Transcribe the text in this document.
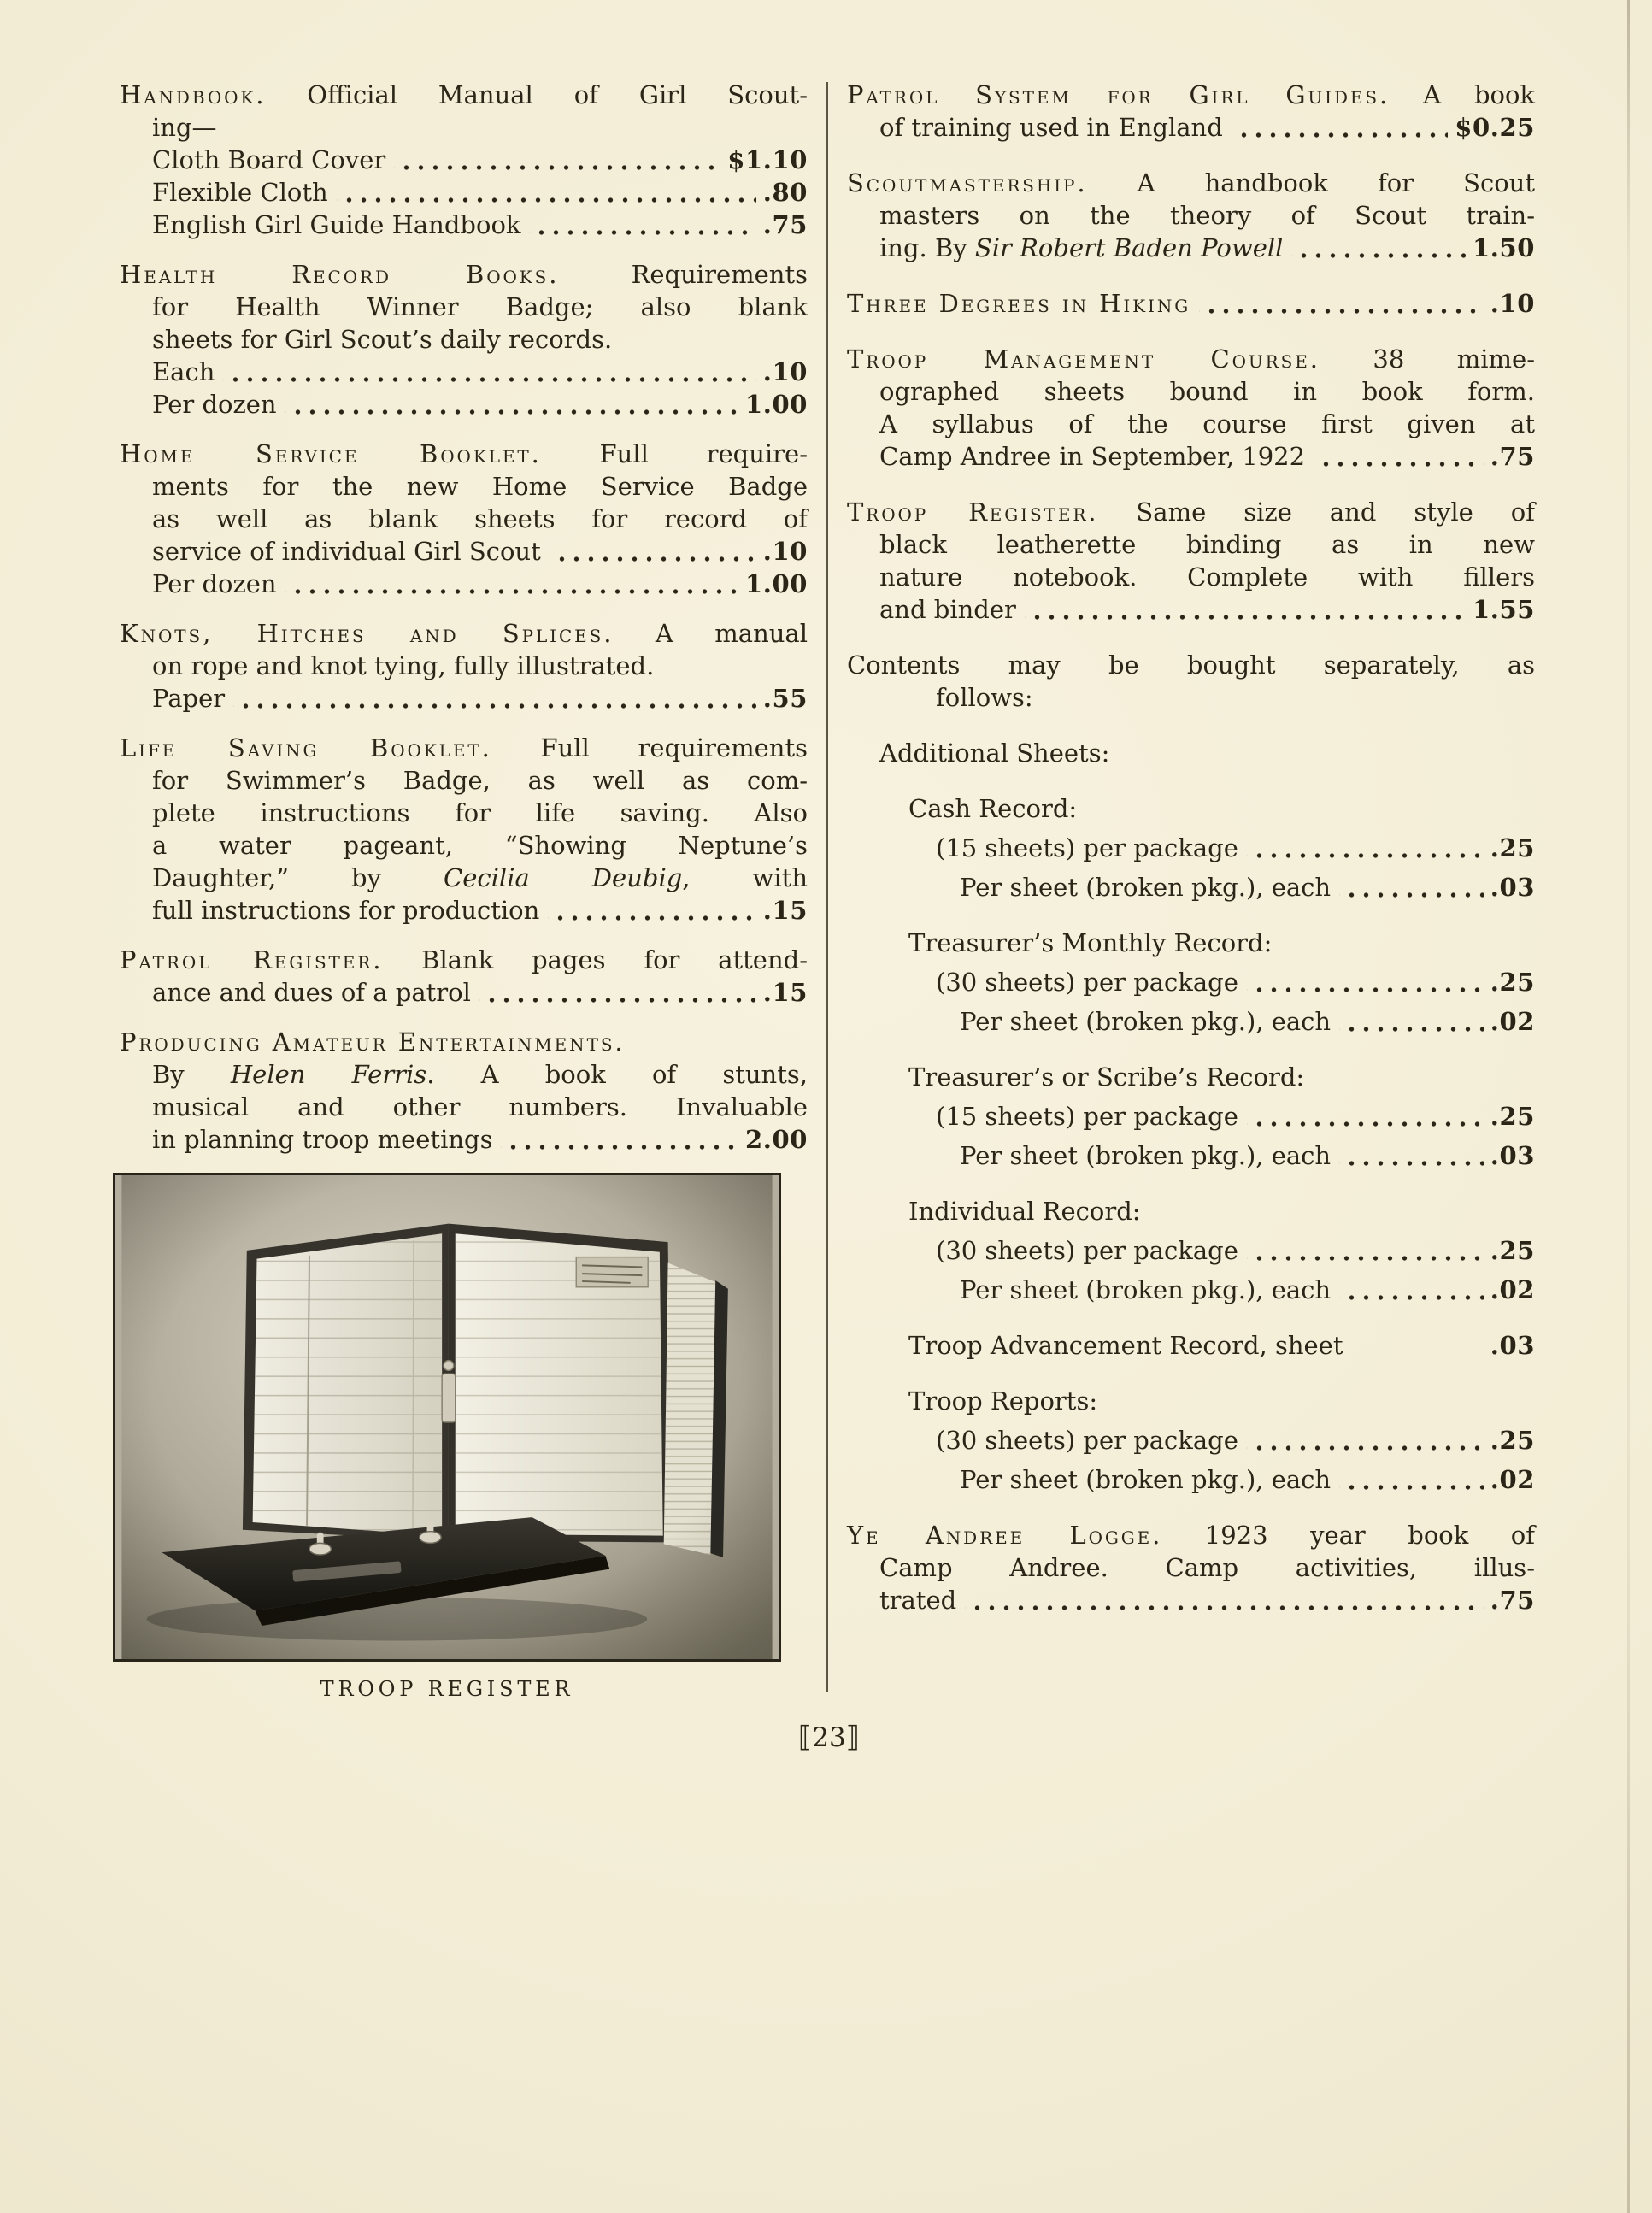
Handbook. Official Manual of Girl Scout-
ing—
Cloth Board Cover	$1.10
Flexible Cloth	.80
English Girl Guide Handbook	.75
Health Record Books. Requirements
for Health Winner Badge; also blank
sheets for Girl Scout’s daily records.
Each	.10
Per dozen	1.00
Home Service Booklet. Full require-
ments for the new Home Service Badge
as well as blank sheets for record of
service of individual Girl Scout	.10
Per dozen	1.00
Knots, Hitches and Splices. A manual
on rope and knot tying, fully illustrated.
Paper	.55
Life Saving Booklet. Full requirements
for Swimmer’s Badge, as well as com-
plete instructions for life saving. Also
a water pageant, “Showing Neptune’s
Daughter,” by Cecilia Deubig, with
full instructions for production	.15
Patrol Register. Blank pages for attend-
ance and dues of a patrol	.15
Producing Amateur Entertainments.
By Helen Ferris. A book of stunts,
musical and other numbers. Invaluable
in planning troop meetings	2.00
TROOP REGISTER
Patrol System for Girl Guides. A book
of training used in England	$0.25
Scoutmastership. A handbook for Scout
masters on the theory of Scout train-
ing. By Sir Robert Baden Powell	1.50
Three Degrees in Hiking	.10
Troop Management Course. 38 mime-
ographed sheets bound in book form.
A syllabus of the course first given at
Camp Andree in September, 1922	.75
Troop Register. Same size and style of
black leatherette binding as in new
nature notebook. Complete with fillers
and binder	1.55
Contents may be bought separately, as
follows:
Additional Sheets:
Cash Record:
(15 sheets) per package	.25
Per sheet (broken pkg.), each	.03
Treasurer’s Monthly Record:
(30 sheets) per package	.25
Per sheet (broken pkg.), each	.02
Treasurer’s or Scribe’s Record:
(15 sheets) per package	.25
Per sheet (broken pkg.), each	.03
Individual Record:
(30 sheets) per package	.25
Per sheet (broken pkg.), each	.02
Troop Advancement Record, sheet	.03
Troop Reports:
(30 sheets) per package	.25
Per sheet (broken pkg.), each	.02
Ye Andree Logge. 1923 year book of
Camp Andree. Camp activities, illus-
trated	.75
⟦23⟧
